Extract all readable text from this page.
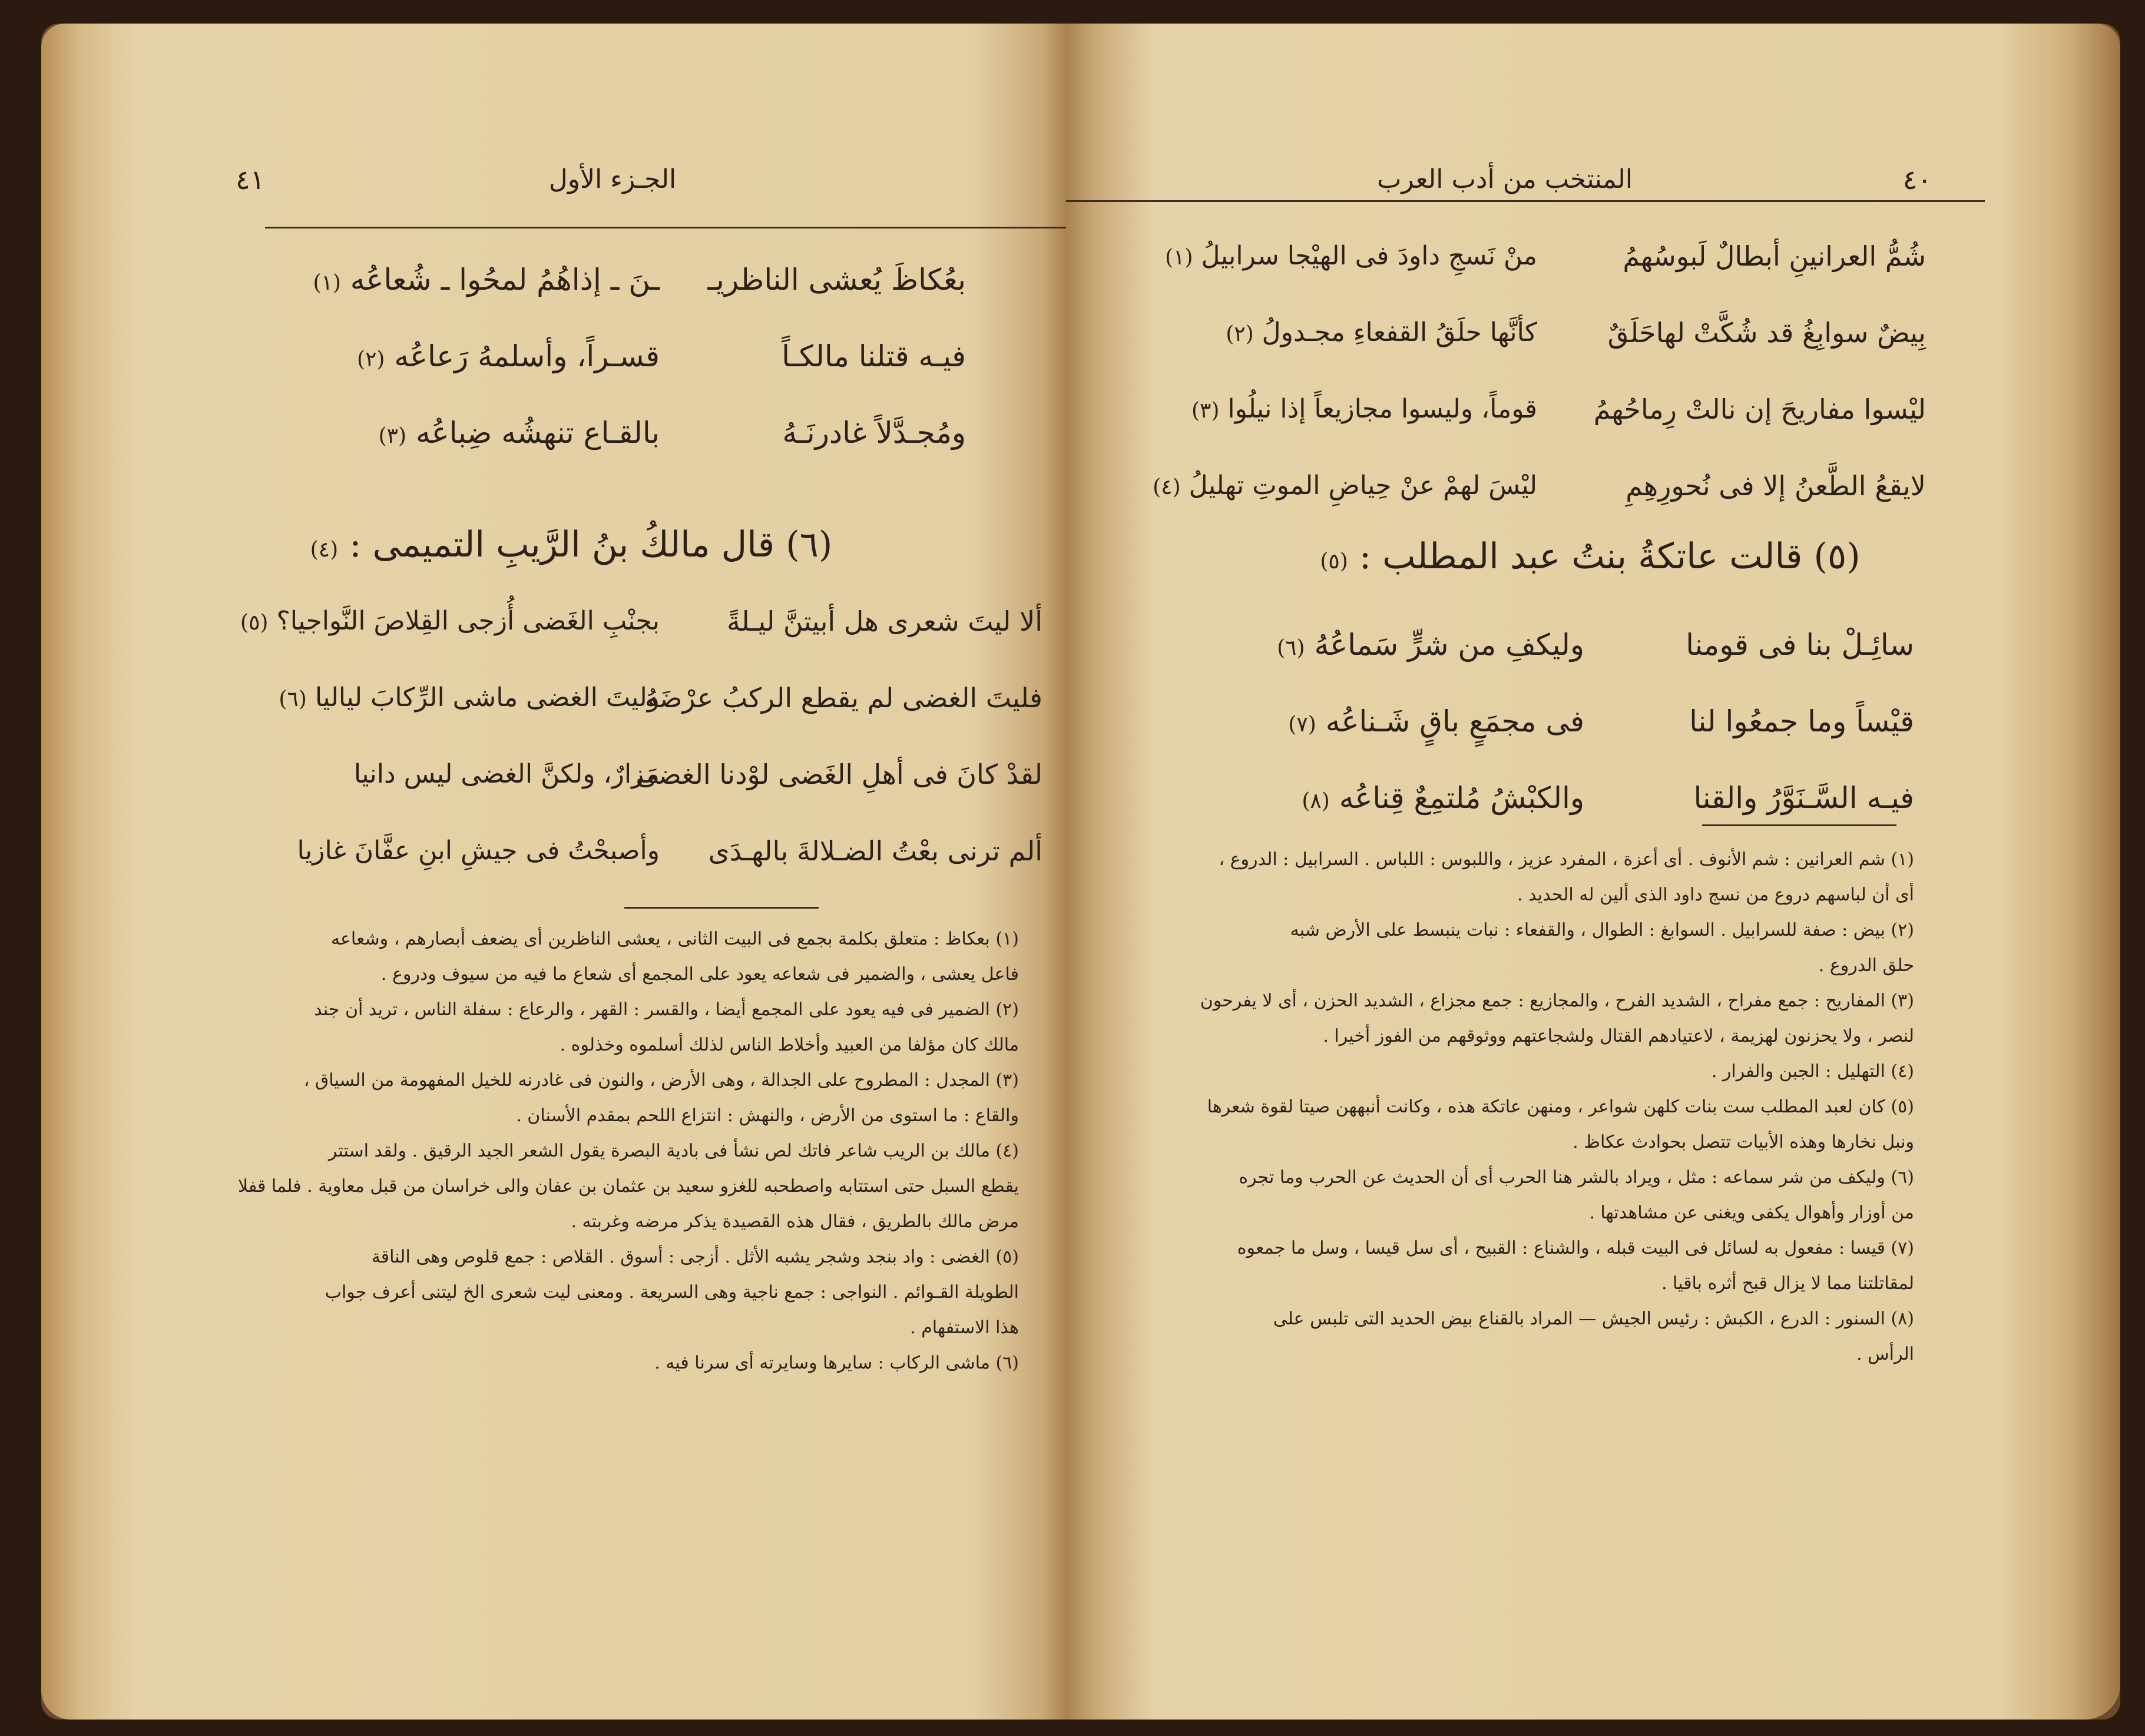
٤١	الجـزء الأول
بعُكاظَ يُعشى الناظريـ
ـنَ ـ إذاهُمُ لمحُوا ـ شُعاعُه (١)
فيـه قتلنا مالكـاً
قسـراً، وأسلمهُ رَعاعُه (٢)
ومُجـدَّلاً غادرنَـهُ
بالقـاع تنهشُه ضِباعُه (٣)
(٦) قال مالكُ بنُ الرَّيبِ التميمى : (٤)
ألا ليتَ شعرى هل أبيتنَّ ليـلةً
بجنْبِ الغَضى أُزجى القِلاصَ النَّواجيا؟ (٥)
فليتَ الغضى لم يقطع الركبُ عرْضَهُ
وليتَ الغضى ماشى الرِّكابَ لياليا (٦)
لقدْ كانَ فى أهلِ الغَضى لوْدنا الغضى
مَزارٌ، ولكنَّ الغضى ليس دانيا
ألم ترنى بعْتُ الضـلالةَ بالهـدَى
وأصبحْتُ فى جيشِ ابنِ عفَّانَ غازيا

(١) بعكاظ : متعلق بكلمة بجمع فى البيت الثانى ، يعشى الناظرين أى يضعف أبصارهم ، وشعاعه

فاعل يعشى ، والضمير فى شعاعه يعود على المجمع أى شعاع ما فيه من سيوف ودروع .

(٢) الضمير فى فيه يعود على المجمع أيضا ، والقسر : القهر ، والرعاع : سفلة الناس ، تريد أن جند

مالك كان مؤلفا من العبيد وأخلاط الناس لذلك أسلموه وخذلوه .

(٣) المجدل : المطروح على الجدالة ، وهى الأرض ، والنون فى غادرنه للخيل المفهومة من السياق ،

والقاع : ما استوى من الأرض ، والنهش : انتزاع اللحم بمقدم الأسنان .

(٤) مالك بن الريب شاعر فاتك لص نشأ فى بادية البصرة يقول الشعر الجيد الرقيق . ولقد استتر

يقطع السبل حتى استتابه واصطحبه للغزو سعيد بن عثمان بن عفان والى خراسان من قبل معاوية . فلما قفلا

مرض مالك بالطريق ، فقال هذه القصيدة يذكر مرضه وغربته .

(٥) الغضى : واد بنجد وشجر يشبه الأثل . أزجى : أسوق . القلاص : جمع قلوص وهى الناقة

الطويلة القـوائم . النواجى : جمع ناجية وهى السريعة . ومعنى ليت شعرى الخ ليتنى أعرف جواب

هذا الاستفهام .

(٦) ماشى الركاب : سايرها وسايرته أى سرنا فيه .

٤٠
المنتخب من أدب العرب
شُمُّ العرانينِ أبطالٌ لَبوسُهمُ
منْ نَسجِ داودَ فى الهيْجا سرابيلُ (١)
بِيضٌ سوابِغُ قد شُكَّتْ لهاحَلَقٌ
كأنَّها حلَقُ القفعاءِ مجـدولُ (٢)
ليْسوا مفاريحَ إن نالتْ رِماحُهمُ
قوماً، وليسوا مجازيعاً إذا نيلُوا (٣)
لايقعُ الطَّعنُ إلا فى نُحورِهِمِ
ليْسَ لهمْ عنْ حِياضِ الموتِ تهليلُ (٤)
(٥) قالت عاتكةُ بنتُ عبد المطلب : (٥)
سائِـلْ بنا فى قومنا
وليكفِ من شرٍّ سَماعُهُ (٦)
قيْساً وما جمعُوا لنا
فى مجمَعٍ باقٍ شَـناعُه (٧)
فيـه السَّـنَوَّرُ والقنا
والكبْشُ مُلتمِعٌ قِناعُه (٨)

(١) شم العرانين : شم الأنوف . أى أعزة ، المفرد عزيز ، واللبوس : اللباس . السرابيل : الدروع ،

أى أن لباسهم دروع من نسج داود الذى ألين له الحديد .

(٢) بيض : صفة للسرابيل . السوابغ : الطوال ، والقفعاء : نبات ينبسط على الأرض شبه

حلق الدروع .

(٣) المفاريح : جمع مفراح ، الشديد الفرح ، والمجازيع : جمع مجزاع ، الشديد الحزن ، أى لا يفرحون

لنصر ، ولا يحزنون لهزيمة ، لاعتيادهم القتال ولشجاعتهم ووثوقهم من الفوز أخيرا .

(٤) التهليل : الجبن والفرار .

(٥) كان لعبد المطلب ست بنات كلهن شواعر ، ومنهن عاتكة هذه ، وكانت أنبههن صيتا لقوة شعرها

ونبل نخارها وهذه الأبيات تتصل بحوادث عكاظ .

(٦) وليكف من شر سماعه : مثل ، ويراد بالشر هنا الحرب أى أن الحديث عن الحرب وما تجره

من أوزار وأهوال يكفى ويغنى عن مشاهدتها .

(٧) قيسا : مفعول به لسائل فى البيت قبله ، والشناع : القبيح ، أى سل قيسا ، وسل ما جمعوه

لمقاتلتنا مما لا يزال قبح أثره باقيا .

(٨) السنور : الدرع ، الكبش : رئيس الجيش — المراد بالقناع بيض الحديد التى تلبس على

الرأس .
